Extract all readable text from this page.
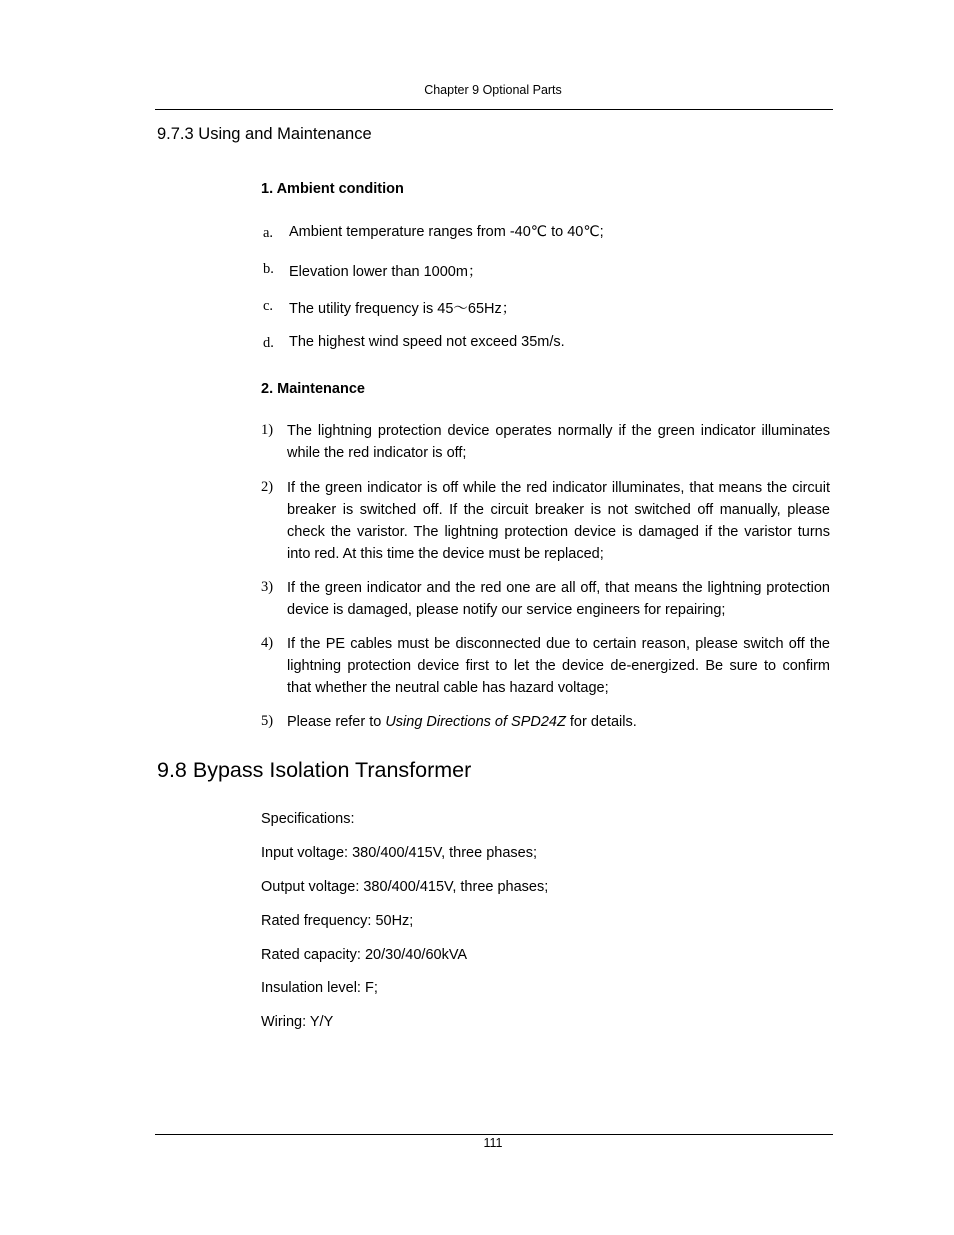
Chapter 9 Optional Parts
9.7.3 Using and Maintenance
1. Ambient condition
a. Ambient temperature ranges from -40℃ to 40℃;
b. Elevation lower than 1000m；
c. The utility frequency is 45～65Hz；
d. The highest wind speed not exceed 35m/s.
2. Maintenance
1) The lightning protection device operates normally if the green indicator illuminates while the red indicator is off;
2) If the green indicator is off while the red indicator illuminates, that means the circuit breaker is switched off. If the circuit breaker is not switched off manually, please check the varistor. The lightning protection device is damaged if the varistor turns into red. At this time the device must be replaced;
3) If the green indicator and the red one are all off, that means the lightning protection device is damaged, please notify our service engineers for repairing;
4) If the PE cables must be disconnected due to certain reason, please switch off the lightning protection device first to let the device de-energized. Be sure to confirm that whether the neutral cable has hazard voltage;
5) Please refer to Using Directions of SPD24Z for details.
9.8 Bypass Isolation Transformer
Specifications:
Input voltage: 380/400/415V, three phases;
Output voltage: 380/400/415V, three phases;
Rated frequency: 50Hz;
Rated capacity: 20/30/40/60kVA
Insulation level: F;
Wiring: Y/Y
111
